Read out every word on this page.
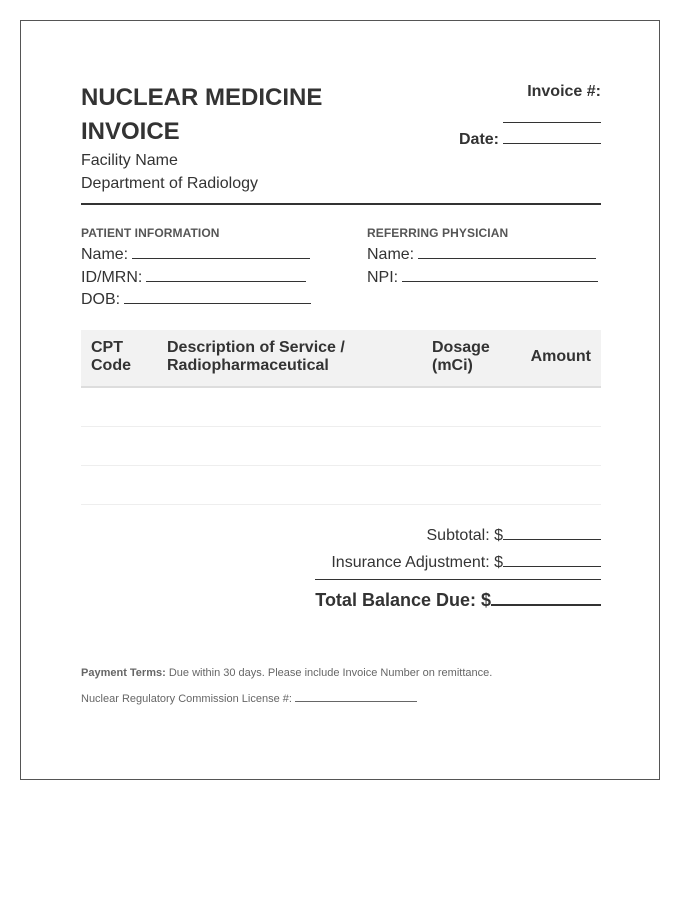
NUCLEAR MEDICINE INVOICE
Facility Name
Department of Radiology
Invoice #:
Date:
PATIENT INFORMATION
Name:
ID/MRN:
DOB:
REFERRING PHYSICIAN
Name:
NPI:
CPT Code
Description of Service / Radiopharmaceutical
Dosage (mCi)
Amount
Subtotal: $
Insurance Adjustment: $
Total Balance Due: $
Payment Terms: Due within 30 days. Please include Invoice Number on remittance.
Nuclear Regulatory Commission License #:
